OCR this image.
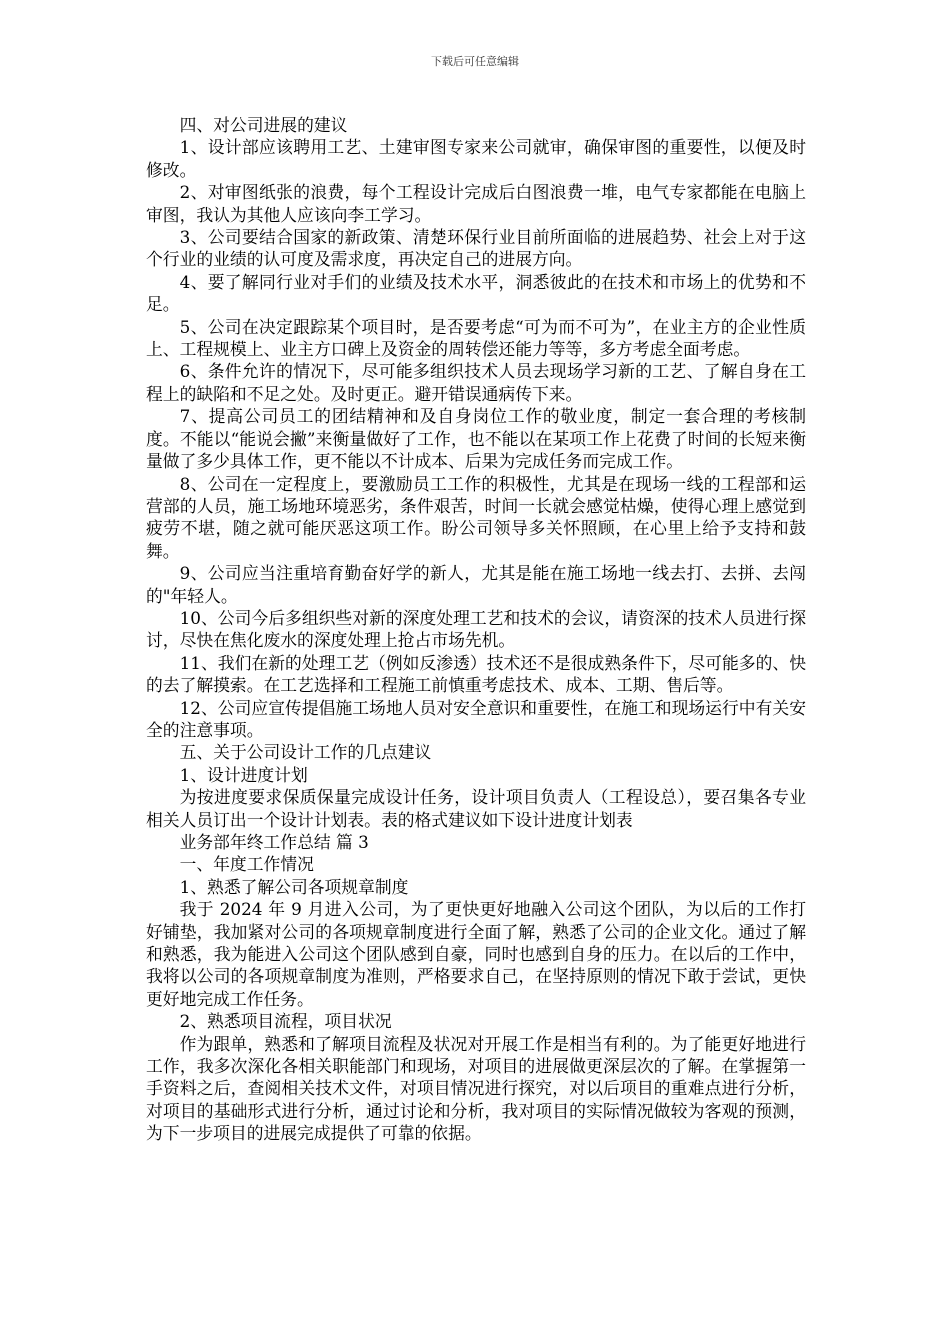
下载后可任意编辑

四、对公司进展的建议

1、设计部应该聘用工艺、土建审图专家来公司就审，确保审图的重要性，以便及时修改。

2、对审图纸张的浪费，每个工程设计完成后白图浪费一堆，电气专家都能在电脑上审图，我认为其他人应该向李工学习。

3、公司要结合国家的新政策、清楚环保行业目前所面临的进展趋势、社会上对于这个行业的业绩的认可度及需求度，再决定自己的进展方向。

4、要了解同行业对手们的业绩及技术水平，洞悉彼此的在技术和市场上的优势和不足。

5、公司在决定跟踪某个项目时，是否要考虑“可为而不可为”，在业主方的企业性质上、工程规模上、业主方口碑上及资金的周转偿还能力等等，多方考虑全面考虑。

6、条件允许的情况下，尽可能多组织技术人员去现场学习新的工艺、了解自身在工程上的缺陷和不足之处。及时更正。避开错误通病传下来。

7、提高公司员工的团结精神和及自身岗位工作的敬业度，制定一套合理的考核制度。不能以“能说会撇”来衡量做好了工作，也不能以在某项工作上花费了时间的长短来衡量做了多少具体工作，更不能以不计成本、后果为完成任务而完成工作。

8、公司在一定程度上，要激励员工工作的积极性，尤其是在现场一线的工程部和运营部的人员，施工场地环境恶劣，条件艰苦，时间一长就会感觉枯燥，使得心理上感觉到疲劳不堪，随之就可能厌恶这项工作。盼公司领导多关怀照顾，在心里上给予支持和鼓舞。

9、公司应当注重培育勤奋好学的新人，尤其是能在施工场地一线去打、去拼、去闯的"年轻人。

10、公司今后多组织些对新的深度处理工艺和技术的会议，请资深的技术人员进行探讨，尽快在焦化废水的深度处理上抢占市场先机。

11、我们在新的处理工艺（例如反渗透）技术还不是很成熟条件下，尽可能多的、快的去了解摸索。在工艺选择和工程施工前慎重考虑技术、成本、工期、售后等。

12、公司应宣传提倡施工场地人员对安全意识和重要性，在施工和现场运行中有关安全的注意事项。

五、关于公司设计工作的几点建议

1、设计进度计划

为按进度要求保质保量完成设计任务，设计项目负责人（工程设总），要召集各专业相关人员订出一个设计计划表。表的格式建议如下设计进度计划表

业务部年终工作总结 篇 3

一、年度工作情况

1、熟悉了解公司各项规章制度

我于 2024 年 9 月进入公司，为了更快更好地融入公司这个团队，为以后的工作打好铺垫，我加紧对公司的各项规章制度进行全面了解，熟悉了公司的企业文化。通过了解和熟悉，我为能进入公司这个团队感到自豪，同时也感到自身的压力。在以后的工作中，我将以公司的各项规章制度为准则，严格要求自己，在坚持原则的情况下敢于尝试，更快更好地完成工作任务。

2、熟悉项目流程，项目状况

作为跟单，熟悉和了解项目流程及状况对开展工作是相当有利的。为了能更好地进行工作，我多次深化各相关职能部门和现场，对项目的进展做更深层次的了解。在掌握第一手资料之后，查阅相关技术文件，对项目情况进行探究，对以后项目的重难点进行分析，对项目的基础形式进行分析，通过讨论和分析，我对项目的实际情况做较为客观的预测，为下一步项目的进展完成提供了可靠的依据。
